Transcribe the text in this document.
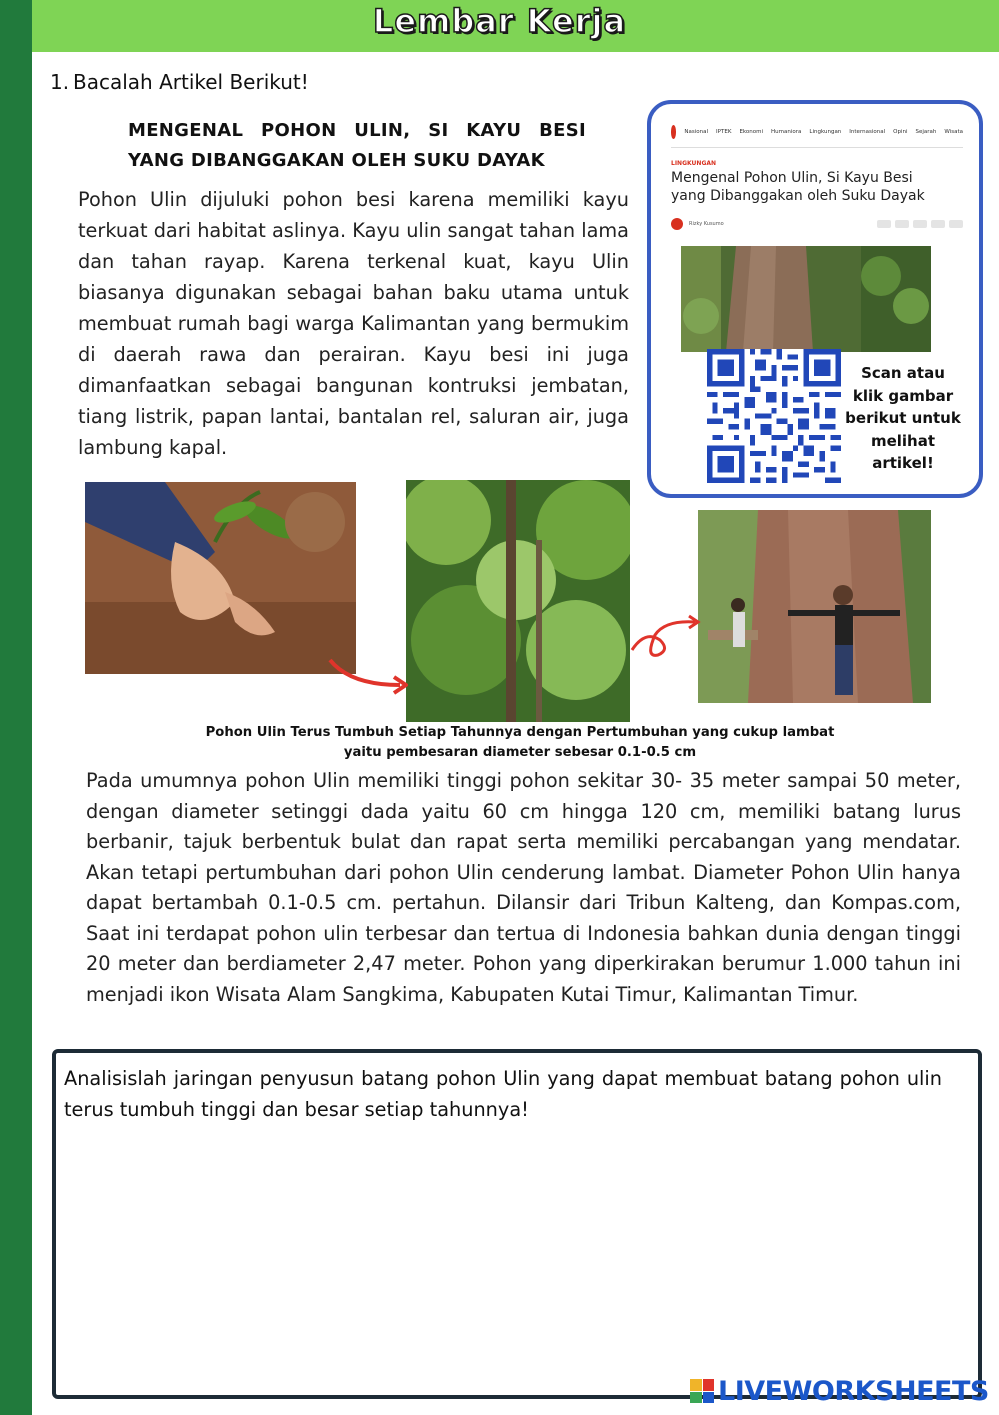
Lembar Kerja
1. Bacalah Artikel Berikut!
MENGENAL POHON ULIN, SI KAYU BESI YANG DIBANGGAKAN OLEH SUKU DAYAK
Pohon Ulin dijuluki pohon besi karena memiliki kayu terkuat dari habitat aslinya. Kayu ulin sangat tahan lama dan tahan rayap. Karena terkenal kuat, kayu Ulin biasanya digunakan sebagai bahan baku utama untuk membuat rumah bagi warga Kalimantan yang bermukim di daerah rawa dan perairan. Kayu besi ini juga dimanfaatkan sebagai bangunan kontruksi jembatan, tiang listrik, papan lantai, bantalan rel, saluran air, juga lambung kapal.
Nasional IPTEK Ekonomi Humaniora Lingkungan Internasional Opini Sejarah Wisata
LINGKUNGAN
Mengenal Pohon Ulin, Si Kayu Besi yang Dibanggakan oleh Suku Dayak
Rizky Kusumo
Scan atau klik gambar berikut untuk melihat artikel!
Pohon Ulin Terus Tumbuh Setiap Tahunnya dengan Pertumbuhan yang cukup lambat yaitu pembesaran diameter sebesar 0.1-0.5 cm
Pada umumnya pohon Ulin memiliki tinggi pohon sekitar 30- 35 meter sampai 50 meter, dengan diameter setinggi dada yaitu 60 cm hingga 120 cm, memiliki batang lurus berbanir, tajuk berbentuk bulat dan rapat serta memiliki percabangan yang mendatar. Akan tetapi pertumbuhan dari pohon Ulin cenderung lambat. Diameter Pohon Ulin hanya dapat bertambah 0.1-0.5 cm. pertahun. Dilansir dari Tribun Kalteng, dan Kompas.com, Saat ini terdapat pohon ulin terbesar dan tertua di Indonesia bahkan dunia dengan tinggi 20 meter dan berdiameter 2,47 meter. Pohon yang diperkirakan berumur 1.000 tahun ini menjadi ikon Wisata Alam Sangkima, Kabupaten Kutai Timur, Kalimantan Timur.
Analisislah jaringan penyusun batang pohon Ulin yang dapat membuat batang pohon ulin terus tumbuh tinggi dan besar setiap tahunnya!
LIVEWORKSHEETS
